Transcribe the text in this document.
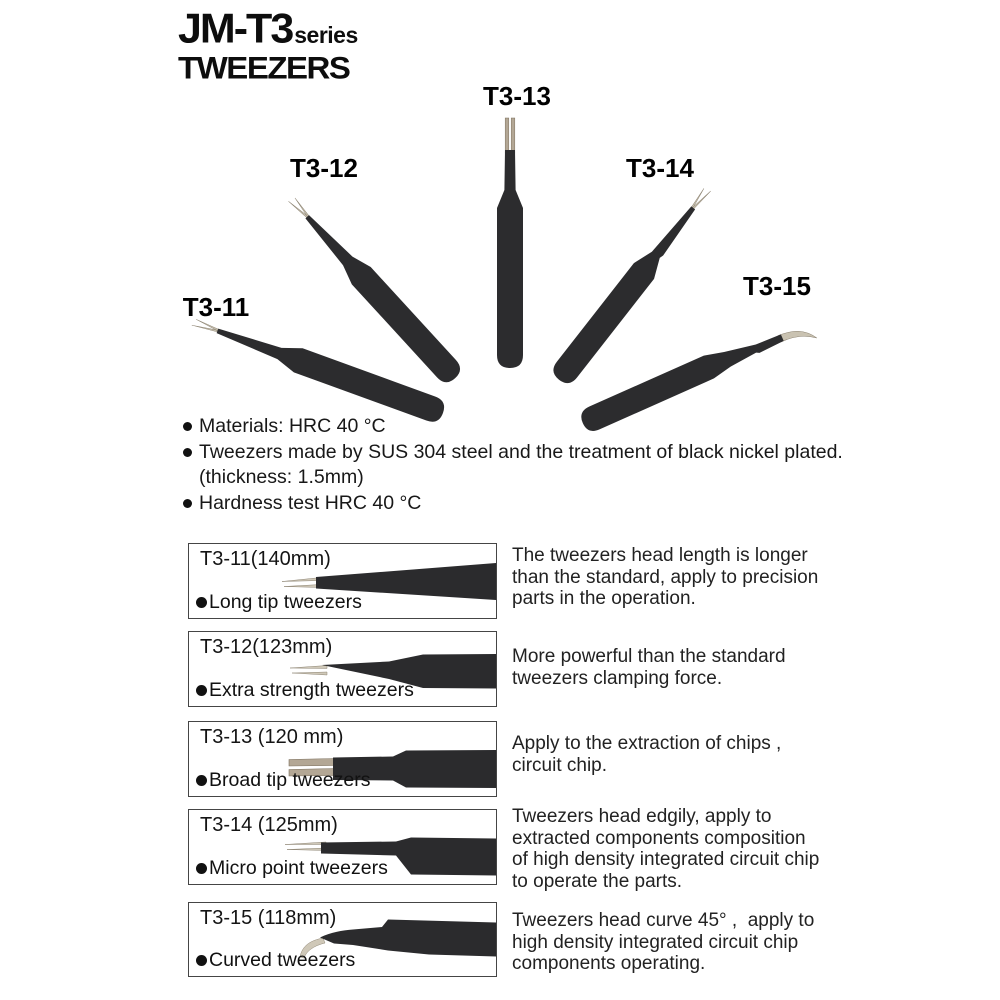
JM-T3 series
TWEEZERS
T3-11
T3-12
T3-13
T3-14
T3-15
Materials: HRC 40 °C
Tweezers made by SUS 304 steel and the treatment of black nickel plated.
(thickness: 1.5mm)
Hardness test HRC 40 °C
T3-11(140mm)
Long tip tweezers
The tweezers head length is longer
than the standard, apply to precision
parts in the operation.
T3-12(123mm)
Extra strength tweezers
More powerful than the standard
tweezers clamping force.
T3-13 (120 mm)
Broad tip tweezers
Apply to the extraction of chips ,
circuit chip.
T3-14 (125mm)
Micro point tweezers
Tweezers head edgily, apply to
extracted components composition
of high density integrated circuit chip
to operate the parts.
T3-15 (118mm)
Curved tweezers
Tweezers head curve 45° ,  apply to
high density integrated circuit chip
components operating.
